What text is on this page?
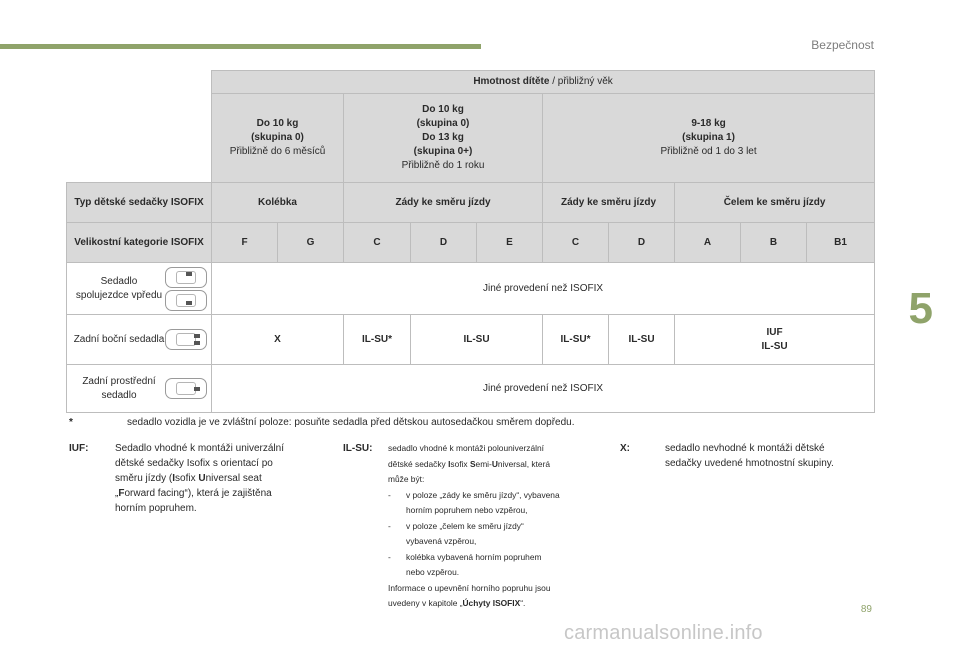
Bezpečnost
5
	Hmotnost dítěte / přibližný věk									
	Do 10 kg
(skupina 0)
Přibližně do 6 měsíců		Do 10 kg
(skupina 0)
Do 13 kg
(skupina 0+)
Přibližně do 1 roku			9-18 kg
(skupina 1)
Přibližně od 1 do 3 let				
Typ dětské sedačky ISOFIX	Kolébka		Zády ke směru jízdy			Zády ke směru jízdy		Čelem ke směru jízdy		
Velikostní kategorie ISOFIX	F	G	C	D	E	C	D	A	B	B1

Sedadlo spolujezdce vpředu	Jiné provedení než ISOFIX									

Zadní boční sedadla	X		IL-SU*	IL-SU		IL-SU*	IL-SU	IUF
IL-SU		

Zadní prostřední sedadlo	Jiné provedení než ISOFIX									
*	sedadlo vozidla je ve zvláštní poloze: posuňte sedadla před dětskou autosedačkou směrem dopředu.
IUF:	Sedadlo vhodné k montáži univerzální
dětské sedačky Isofix s orientací po
směru jízdy (Isofix Universal seat
„Forward facing“), která je zajištěna
horním popruhem.
IL-SU: sedadlo vhodné k montáži polouniverzální
dětské sedačky Isofix Semi-Universal, která
může být:
- v poloze „zády ke směru jízdy“, vybavena
horním popruhem nebo vzpěrou,
- v poloze „čelem ke směru jízdy“
vybavená vzpěrou,
- kolébka vybavená horním popruhem
nebo vzpěrou.
Informace o upevnění horního popruhu jsou
uvedeny v kapitole „Úchyty ISOFIX“.
X:	sedadlo nevhodné k montáži dětské
sedačky uvedené hmotnostní skupiny.
89
carmanualsonline.info
